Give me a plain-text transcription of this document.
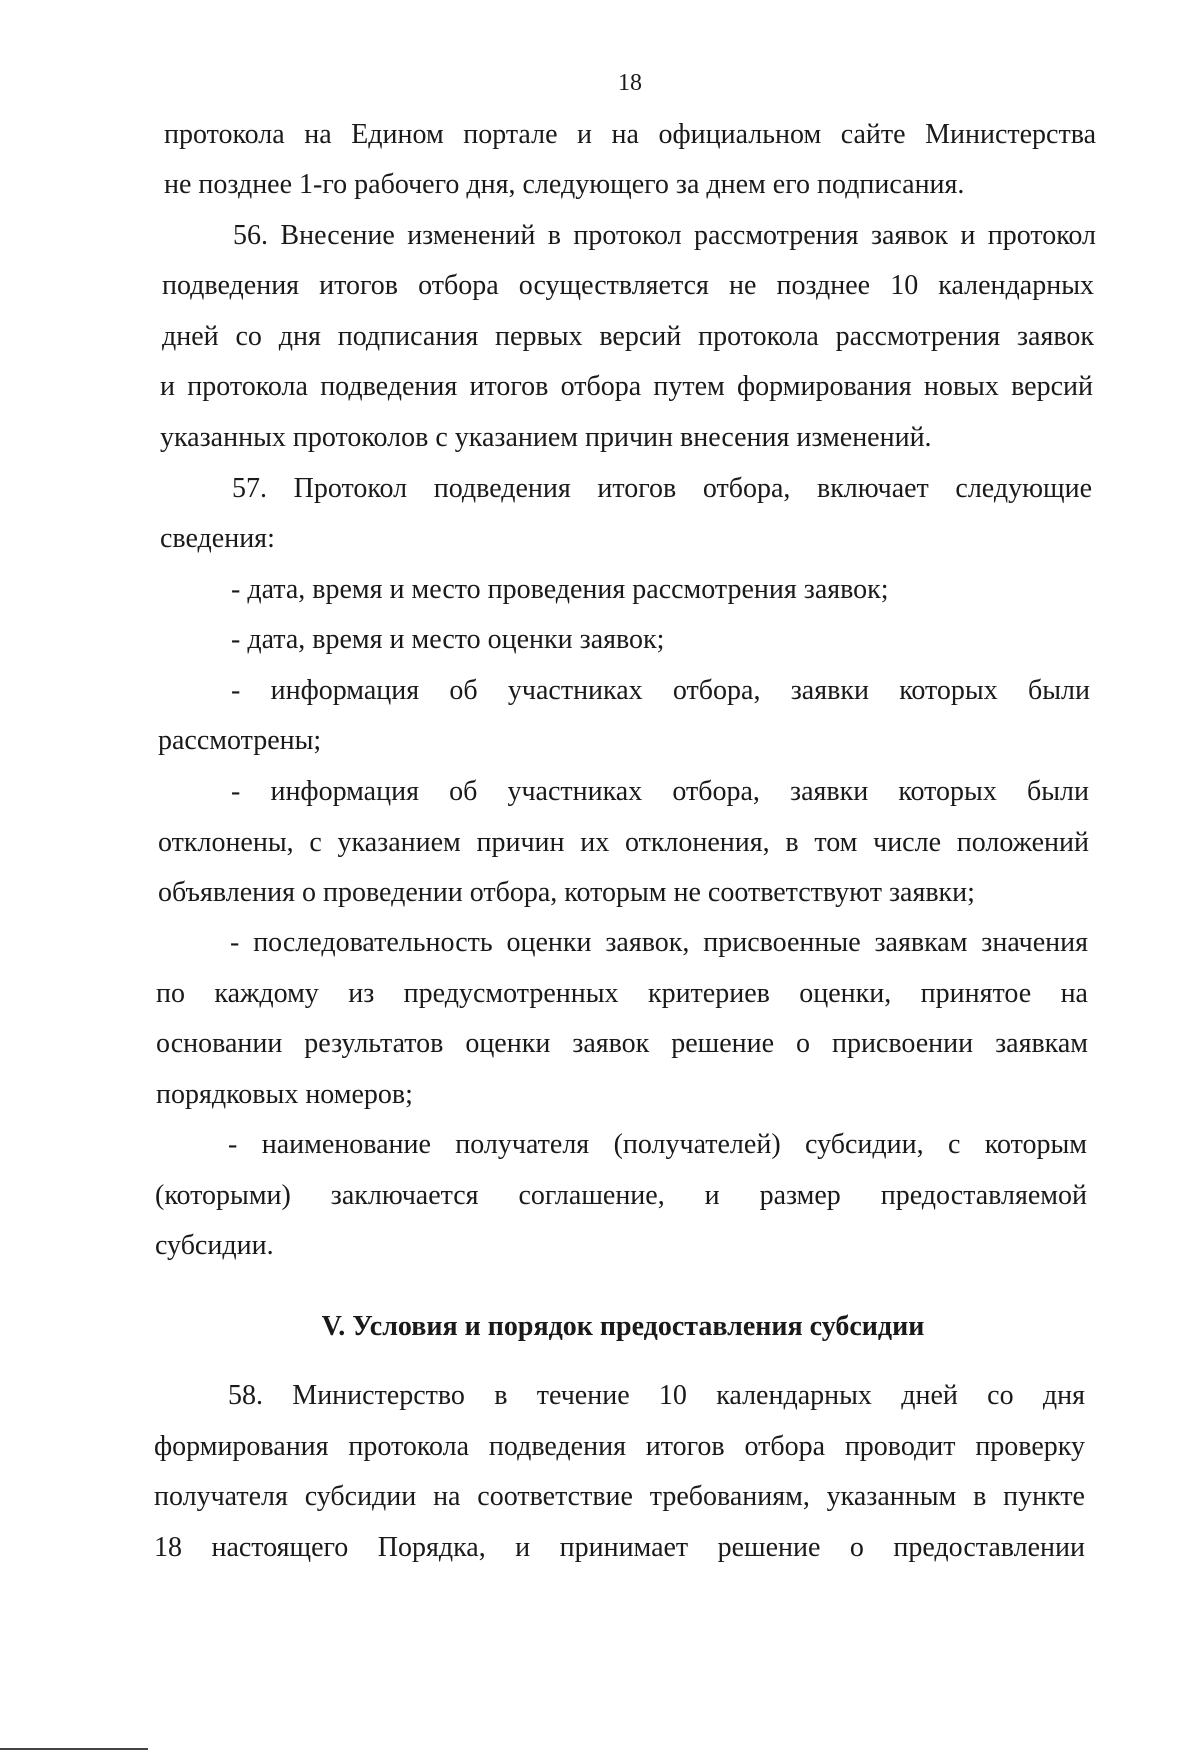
18
протокола на Едином портале и на официальном сайте Министерства
не позднее 1-го рабочего дня, следующего за днем его подписания.
56. Внесение изменений в протокол рассмотрения заявок и протокол
подведения итогов отбора осуществляется не позднее 10 календарных
дней со дня подписания первых версий протокола рассмотрения заявок
и протокола подведения итогов отбора путем формирования новых версий
указанных протоколов с указанием причин внесения изменений.
57. Протокол подведения итогов отбора, включает следующие
сведения:
- дата, время и место проведения рассмотрения заявок;
- дата, время и место оценки заявок;
- информация об участниках отбора, заявки которых были
рассмотрены;
- информация об участниках отбора, заявки которых были
отклонены, с указанием причин их отклонения, в том числе положений
объявления о проведении отбора, которым не соответствуют заявки;
- последовательность оценки заявок, присвоенные заявкам значения
по каждому из предусмотренных критериев оценки, принятое на
основании результатов оценки заявок решение о присвоении заявкам
порядковых номеров;
- наименование получателя (получателей) субсидии, с которым
(которыми) заключается соглашение, и размер предоставляемой
субсидии.
V. Условия и порядок предоставления субсидии
58. Министерство в течение 10 календарных дней со дня
формирования протокола подведения итогов отбора проводит проверку
получателя субсидии на соответствие требованиям, указанным в пункте
18 настоящего Порядка, и принимает решение о предоставлении
